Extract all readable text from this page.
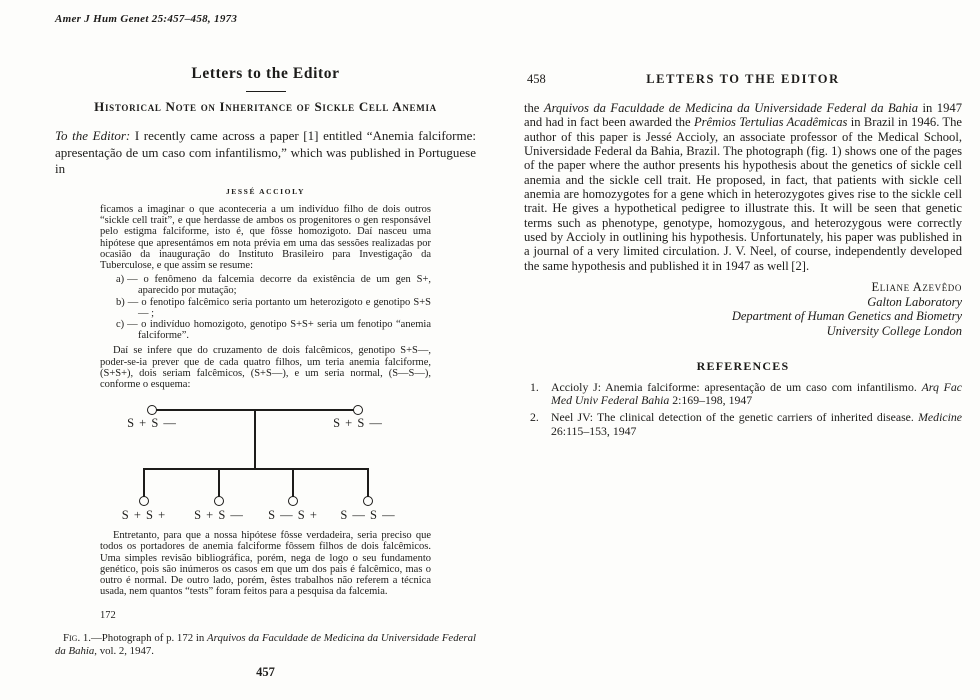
Amer J Hum Genet 25:457–458, 1973
Letters to the Editor
Historical Note on Inheritance of Sickle Cell Anemia

To the Editor: I recently came across a paper [1] entitled “Anemia falciforme: apresentação de um caso com infantilismo,” which was published in Portuguese in

JESSÉ ACCIOLY

ficamos a imaginar o que aconteceria a um indivíduo filho de dois outros “sickle cell trait”, e que herdasse de ambos os progenitores o gen responsável pelo estigma falciforme, isto é, que fôsse homozigoto. Daí nasceu uma hipótese que apresentámos em nota prévia em uma das sessões realizadas por ocasião da inauguração do Instituto Brasileiro para Investigação da Tuberculose, e que assim se resume:

a) — o fenômeno da falcemia decorre da existência de um gen S+, aparecido por mutação;
b) — o fenotipo falcêmico seria portanto um heterozigoto e genotipo S+S— ;
c) — o indivíduo homozigoto, genotipo S+S+ seria um fenotipo “anemia falciforme”.

Daí se infere que do cruzamento de dois falcêmicos, genotipo S+S—, poder-se-ia prever que de cada quatro filhos, um teria anemia falciforme, (S+S+), dois seriam falcêmicos, (S+S—), e um seria normal, (S—S—), conforme o esquema:

S + S —	S + S —
S + S +	S + S —	S — S +	S — S —

Entretanto, para que a nossa hipótese fôsse verdadeira, seria preciso que todos os portadores de anemia falciforme fôssem filhos de dois falcêmicos. Uma simples revisão bibliográfica, porém, nega de logo o seu fundamento genético, pois são inúmeros os casos em que um dos pais é falcêmico, mas o outro é normal. De outro lado, porém, êstes trabalhos não referem a técnica usada, nem quantos “tests” foram feitos para a pesquisa da falcemia.

172

Fig. 1.—Photograph of p. 172 in Arquivos da Faculdade de Medicina da Universidade Federal da Bahia, vol. 2, 1947.

457
458	LETTERS TO THE EDITOR

the Arquivos da Faculdade de Medicina da Universidade Federal da Bahia in 1947 and had in fact been awarded the Prêmios Tertulias Acadêmicas in Brazil in 1946. The author of this paper is Jessé Accioly, an associate professor of the Medical School, Universidade Federal da Bahia, Brazil. The photograph (fig. 1) shows one of the pages of the paper where the author presents his hypothesis about the genetics of sickle cell anemia and the sickle cell trait. He proposed, in fact, that patients with sickle cell anemia are homozygotes for a gene which in heterozygotes gives rise to the sickle cell trait. He gives a hypothetical pedigree to illustrate this. It will be seen that genetic terms such as phenotype, genotype, homozygous, and heterozygous were correctly used by Accioly in outlining his hypothesis. Unfortunately, his paper was published in a journal of a very limited circulation. J. V. Neel, of course, independently developed the same hypothesis and published it in 1947 as well [2].

Eliane Azevêdo
Galton Laboratory
Department of Human Genetics and Biometry
University College London
REFERENCES
1. Accioly J: Anemia falciforme: apresentação de um caso com infantilismo. Arq Fac Med Univ Federal Bahia 2:169–198, 1947
2. Neel JV: The clinical detection of the genetic carriers of inherited disease. Medicine 26:115–153, 1947
